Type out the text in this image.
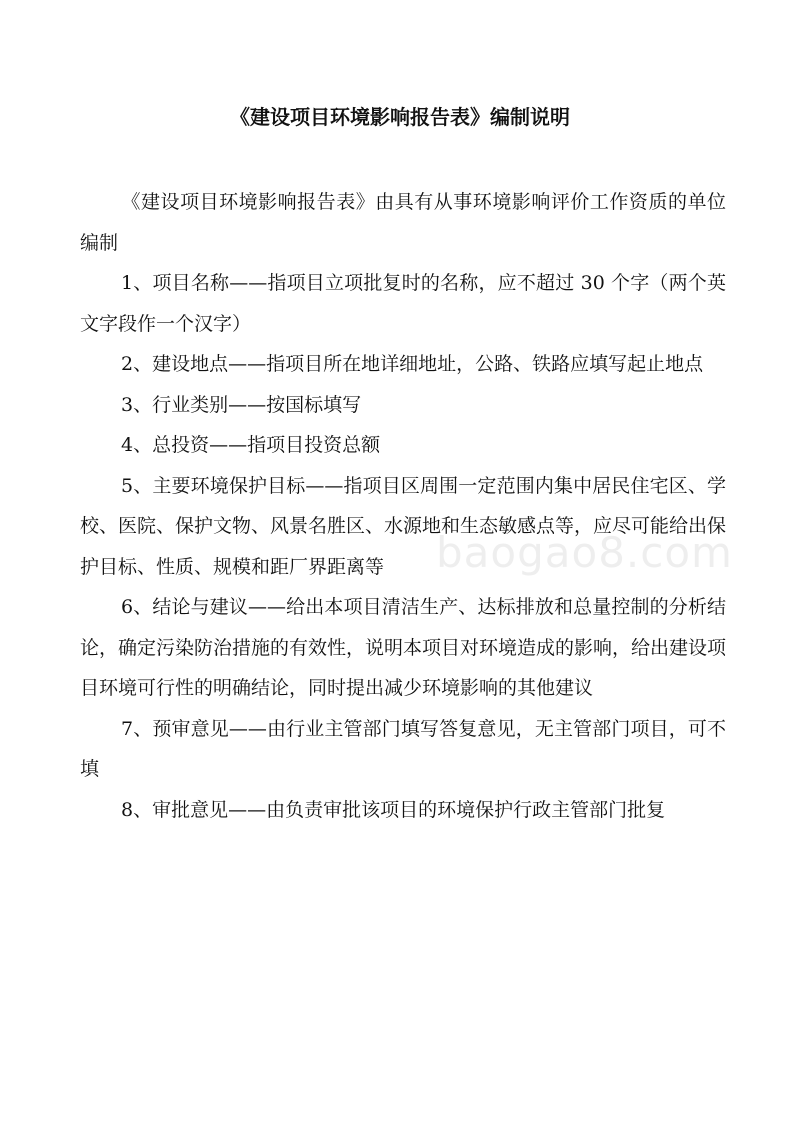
《建设项目环境影响报告表》编制说明
baogao8.com

《建设项目环境影响报告表》由具有从事环境影响评价工作资质的单位编制

1、项目名称——指项目立项批复时的名称，应不超过 30 个字（两个英文字段作一个汉字）

2、建设地点——指项目所在地详细地址，公路、铁路应填写起止地点

3、行业类别——按国标填写

4、总投资——指项目投资总额

5、主要环境保护目标——指项目区周围一定范围内集中居民住宅区、学校、医院、保护文物、风景名胜区、水源地和生态敏感点等，应尽可能给出保护目标、性质、规模和距厂界距离等

6、结论与建议——给出本项目清洁生产、达标排放和总量控制的分析结论，确定污染防治措施的有效性，说明本项目对环境造成的影响，给出建设项目环境可行性的明确结论，同时提出减少环境影响的其他建议

7、预审意见——由行业主管部门填写答复意见，无主管部门项目，可不填

8、审批意见——由负责审批该项目的环境保护行政主管部门批复
